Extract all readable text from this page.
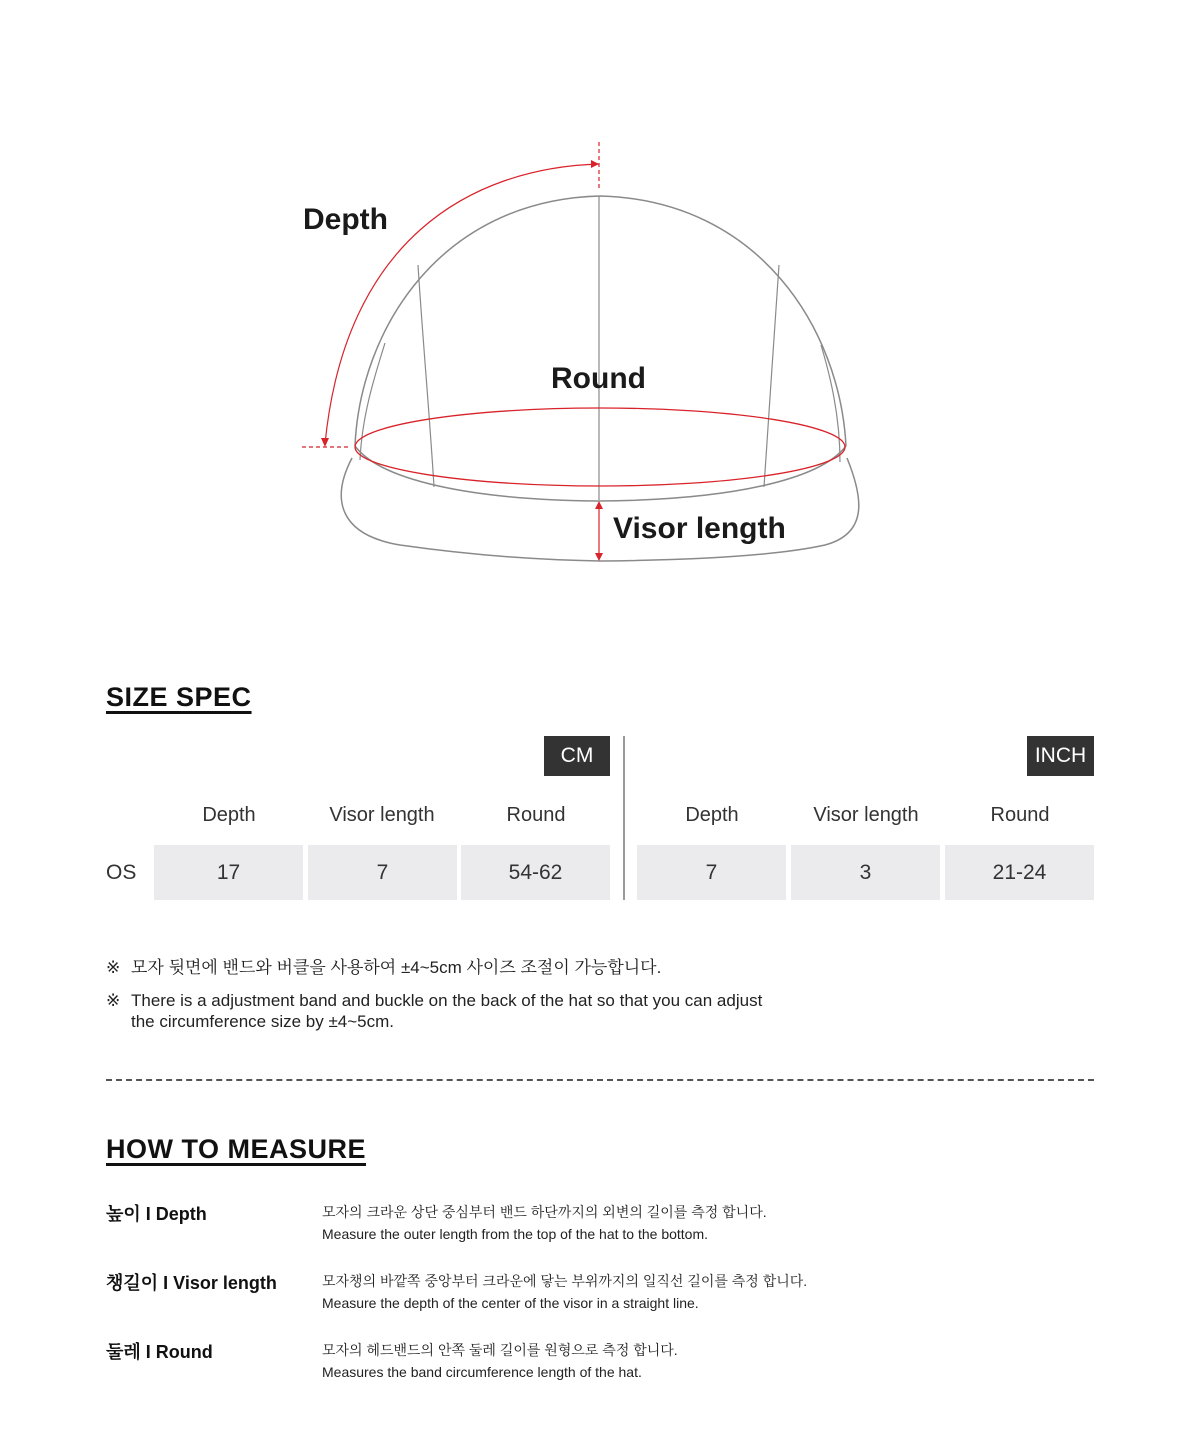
Depth
Round
Visor length
SIZE SPEC
CM	INCH
Depth	Visor length	Round	Depth	Visor length	Round
OS	17	7	54-62	7	3	21-24
※ 모자 뒷면에 밴드와 버클을 사용하여 ±4~5cm 사이즈 조절이 가능합니다.
※ There is a adjustment band and buckle on the back of the hat so that you can adjust
the circumference size by ±4~5cm.
HOW TO MEASURE
높이 I Depth	모자의 크라운 상단 중심부터 밴드 하단까지의 외변의 길이를 측정 합니다.
Measure the outer length from the top of the hat to the bottom.
챙길이 I Visor length	모자챙의 바깥쪽 중앙부터 크라운에 닿는 부위까지의 일직선 길이를 측정 합니다.
Measure the depth of the center of the visor in a straight line.
둘레 I Round	모자의 헤드밴드의 안쪽 둘레 길이를 원형으로 측정 합니다.
Measures the band circumference length of the hat.
